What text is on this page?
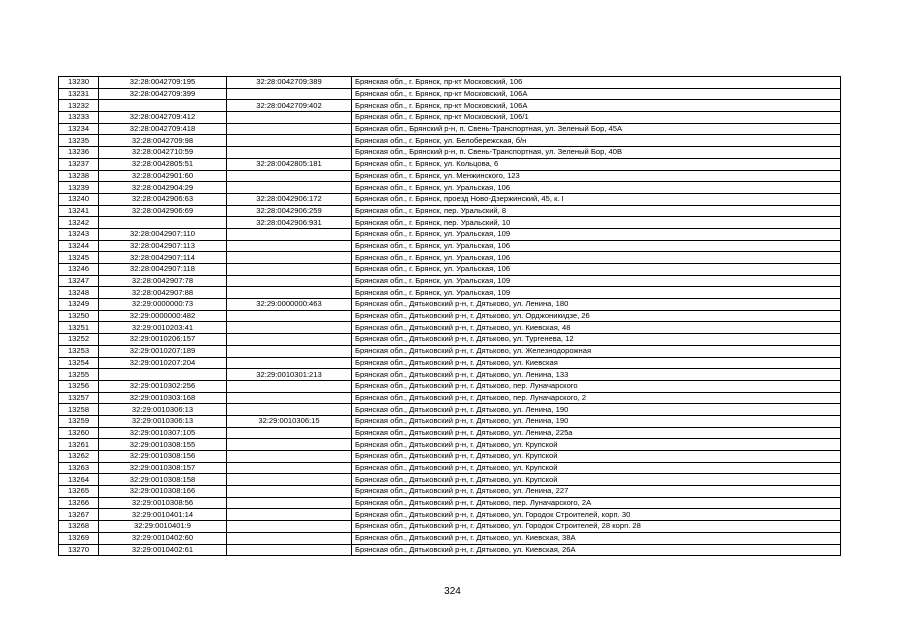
13230	32:28:0042709:195	32:28:0042709:389	Брянская обл., г. Брянск, пр-кт Московский, 106
13231	32:28:0042709:399		Брянская обл., г. Брянск, пр-кт Московский, 106А
13232		32:28:0042709:402	Брянская обл., г. Брянск, пр-кт Московский, 106А
13233	32:28:0042709:412		Брянская обл., г. Брянск, пр-кт Московский, 106/1
13234	32:28:0042709:418		Брянская обл., Брянский р-н, п. Свень-Транспортная, ул. Зеленый Бор, 45А
13235	32:28:0042709:98		Брянская обл., г. Брянск, ул. Белобережская, б/н
13236	32:28:0042710:59		Брянская обл., Брянский р-н, п. Свень-Транспортная, ул. Зеленый Бор, 40В
13237	32:28:0042805:51	32:28:0042805:181	Брянская обл., г. Брянск, ул. Кольцова, 6
13238	32:28:0042901:60		Брянская обл., г. Брянск, ул. Менжинского, 123
13239	32:28:0042904:29		Брянская обл., г. Брянск, ул. Уральская, 106
13240	32:28:0042906:63	32:28:0042906:172	Брянская обл., г. Брянск, проезд Ново-Дзержинский, 45, к. I
13241	32:28:0042906:69	32:28:0042906:259	Брянская обл., г. Брянск, пер. Уральский, 8
13242		32:28:0042906:931	Брянская обл., г. Брянск, пер. Уральский, 10
13243	32:28:0042907:110		Брянская обл., г. Брянск, ул. Уральская, 109
13244	32:28:0042907:113		Брянская обл., г. Брянск, ул. Уральская, 106
13245	32:28:0042907:114		Брянская обл., г. Брянск, ул. Уральская, 106
13246	32:28:0042907:118		Брянская обл., г. Брянск, ул. Уральская, 106
13247	32:28:0042907:78		Брянская обл., г. Брянск, ул. Уральская, 109
13248	32:28:0042907:88		Брянская обл., г. Брянск, ул. Уральская, 109
13249	32:29:0000000:73	32:29:0000000:463	Брянская обл., Дятьковский р-н, г. Дятьково, ул. Ленина, 180
13250	32:29:0000000:482		Брянская обл., Дятьковский р-н, г. Дятьково, ул. Орджоникидзе, 26
13251	32:29:0010203:41		Брянская обл., Дятьковский р-н, г. Дятьково, ул. Киевская, 48
13252	32:29:0010206:157		Брянская обл., Дятьковский р-н, г. Дятьково, ул. Тургенева, 12
13253	32:29:0010207:189		Брянская обл., Дятьковский р-н, г. Дятьково, ул. Железнодорожная
13254	32:29:0010207:204		Брянская обл., Дятьковский р-н, г. Дятьково, ул. Киевская
13255		32:29:0010301:213	Брянская обл., Дятьковский р-н, г. Дятьково, ул. Ленина, 133
13256	32:29:0010302:256		Брянская обл., Дятьковский р-н, г. Дятьково, пер. Луначарского
13257	32:29:0010303:168		Брянская обл., Дятьковский р-н, г. Дятьково, пер. Луначарского, 2
13258	32:29:0010306:13		Брянская обл., Дятьковский р-н, г. Дятьково, ул. Ленина, 190
13259	32:29:0010306:13	32:29:0010306:15	Брянская обл., Дятьковский р-н, г. Дятьково, ул. Ленина, 190
13260	32:29:0010307:105		Брянская обл., Дятьковский р-н, г. Дятьково, ул. Ленина, 225а
13261	32:29:0010308:155		Брянская обл., Дятьковский р-н, г. Дятьково, ул. Крупской
13262	32:29:0010308:156		Брянская обл., Дятьковский р-н, г. Дятьково, ул. Крупской
13263	32:29:0010308:157		Брянская обл., Дятьковский р-н, г. Дятьково, ул. Крупской
13264	32:29:0010308:158		Брянская обл., Дятьковский р-н, г. Дятьково, ул. Крупской
13265	32:29:0010308:166		Брянская обл., Дятьковский р-н, г. Дятьково, ул. Ленина, 227
13266	32:29:0010308:56		Брянская обл., Дятьковский р-н, г. Дятьково, пер. Луначарского, 2А
13267	32:29:0010401:14		Брянская обл., Дятьковский р-н, г. Дятьково, ул. Городок Строителей, корп. 30
13268	32:29:0010401:9		Брянская обл., Дятьковский р-н, г. Дятьково, ул. Городок Строителей, 28 корп. 28
13269	32:29:0010402:60		Брянская обл., Дятьковский р-н, г. Дятьково, ул. Киевская, 38А
13270	32:29:0010402:61		Брянская обл., Дятьковский р-н, г. Дятьково, ул. Киевская, 26А
324
